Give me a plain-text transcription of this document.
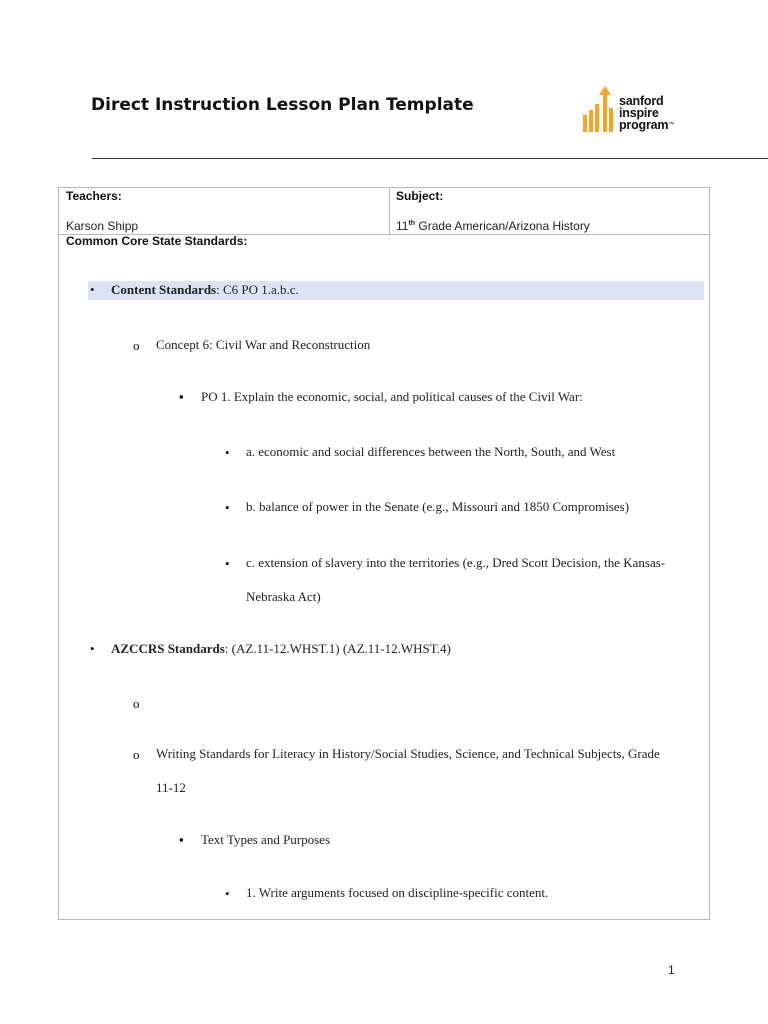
Direct Instruction Lesson Plan Template	sanford
inspire
program™
Teachers:
Karson Shipp
Subject:
11th Grade American/Arizona History
Common Core State Standards:
• Content Standards: C6 PO 1.a.b.c.
o Concept 6: Civil War and Reconstruction
▪ PO 1. Explain the economic, social, and political causes of the Civil War:
• a. economic and social differences between the North, South, and West
• b. balance of power in the Senate (e.g., Missouri and 1850 Compromises)
• c. extension of slavery into the territories (e.g., Dred Scott Decision, the Kansas-
Nebraska Act)
• AZCCRS Standards: (AZ.11-12.WHST.1) (AZ.11-12.WHST.4)
o
o Writing Standards for Literacy in History/Social Studies, Science, and Technical Subjects, Grade
11-12
▪ Text Types and Purposes
• 1. Write arguments focused on discipline-specific content.
1
